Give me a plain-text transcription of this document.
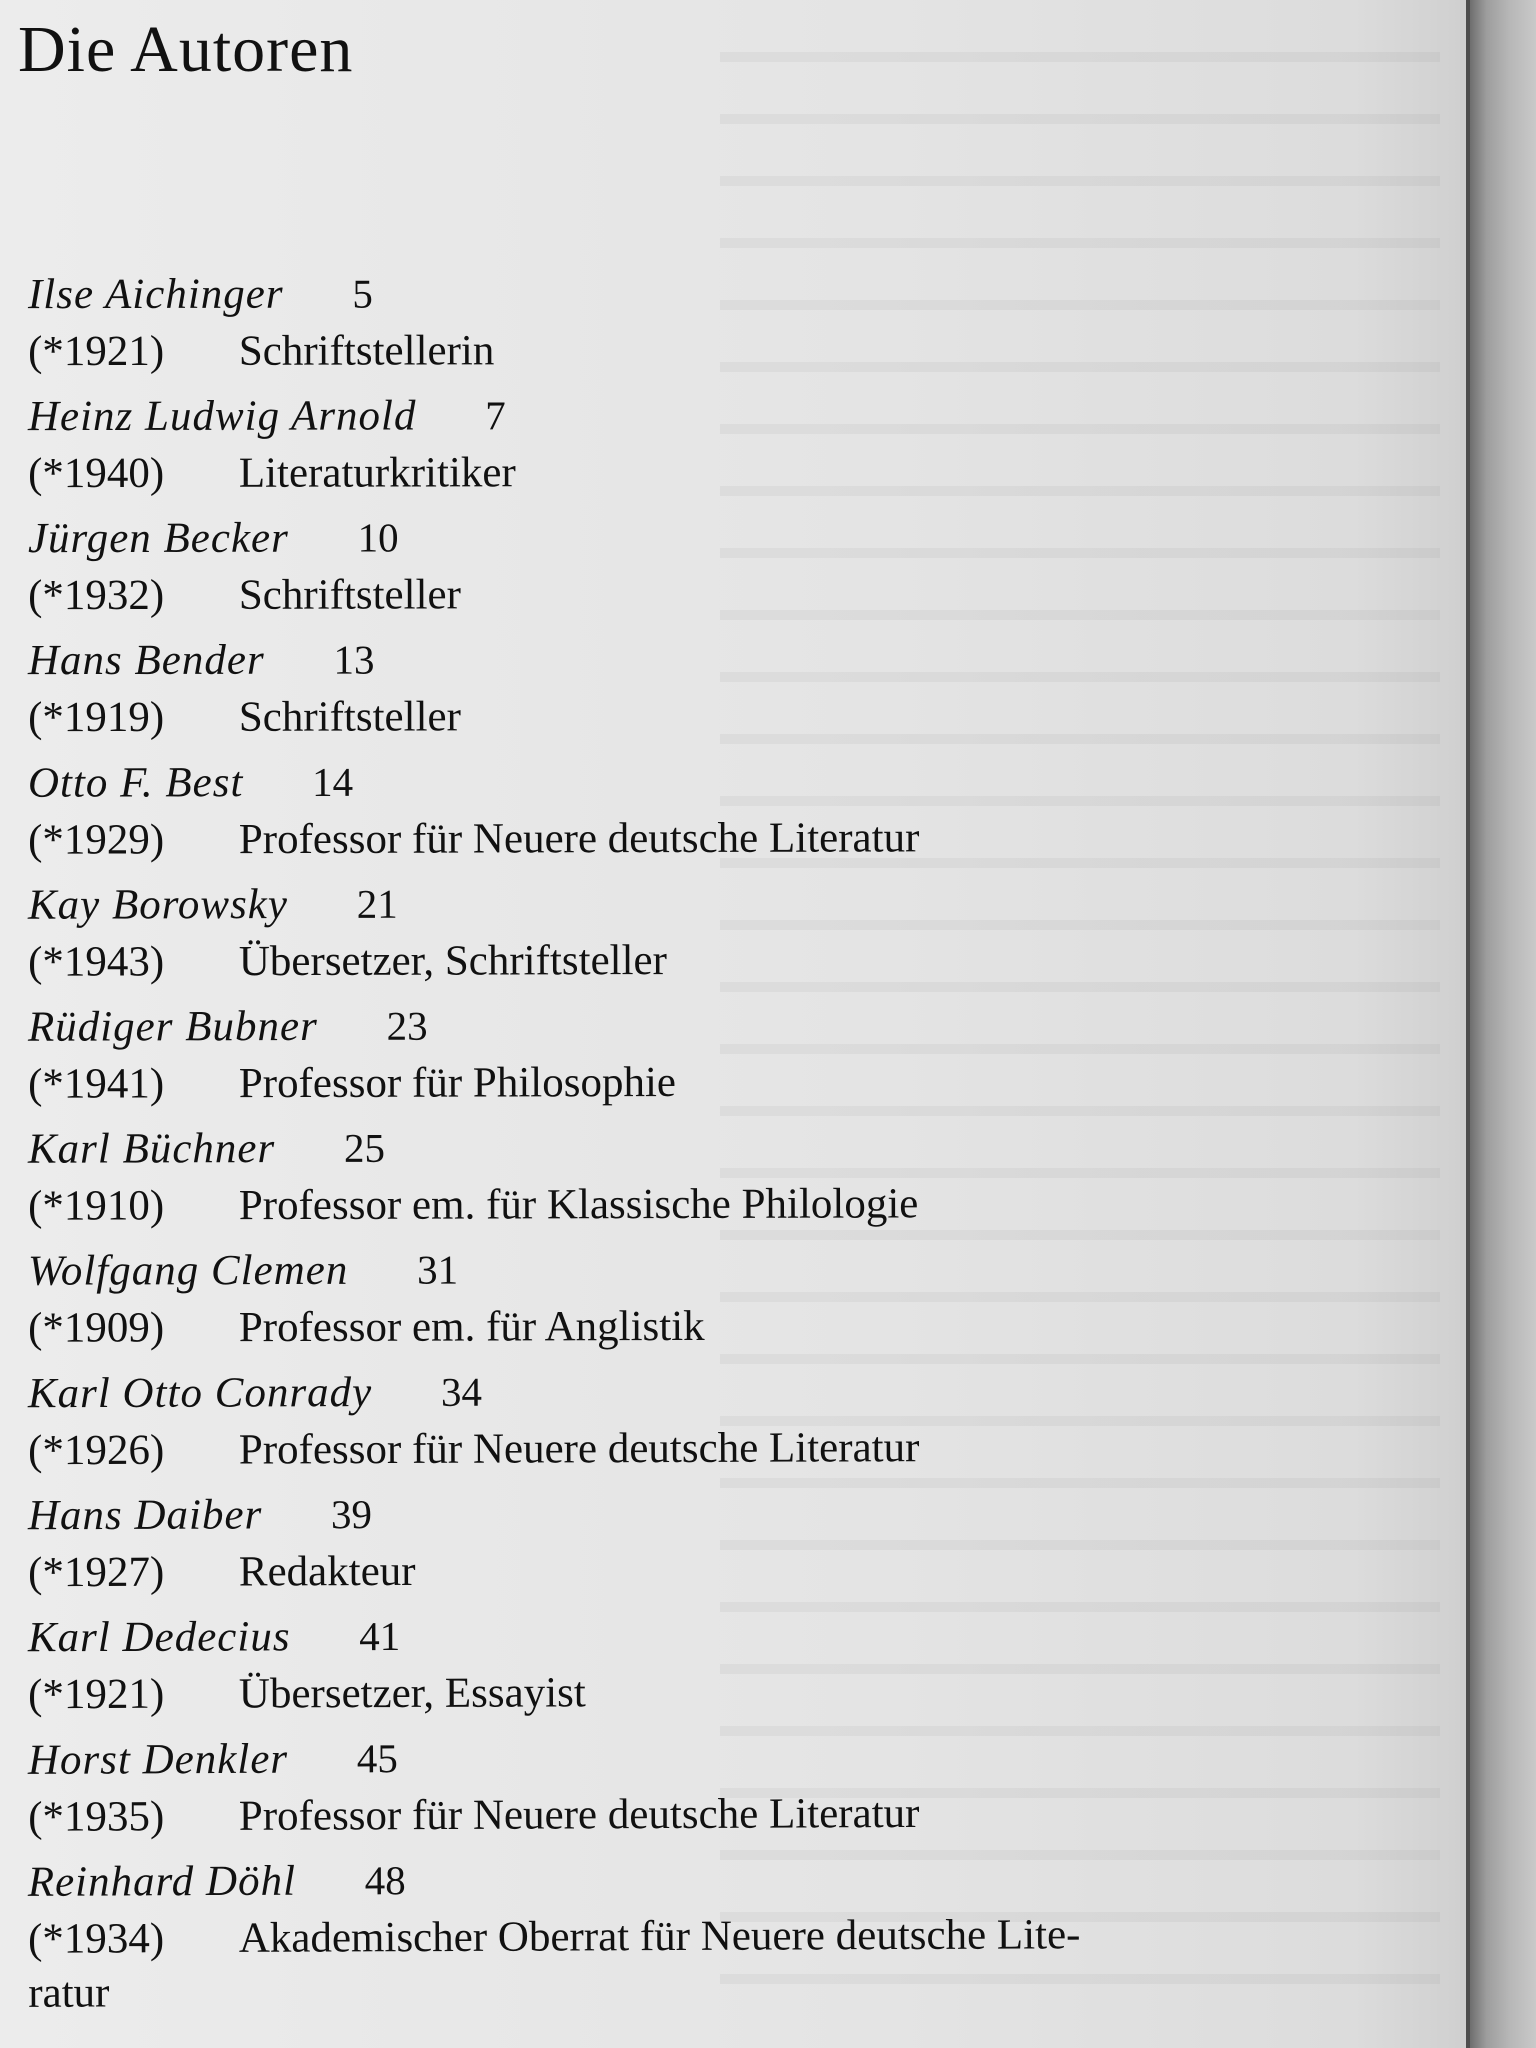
Die Autoren
Ilse Aichinger 5
(*1921) Schriftstellerin
Heinz Ludwig Arnold 7
(*1940) Literaturkritiker
Jürgen Becker 10
(*1932) Schriftsteller
Hans Bender 13
(*1919) Schriftsteller
Otto F. Best 14
(*1929) Professor für Neuere deutsche Literatur
Kay Borowsky 21
(*1943) Übersetzer, Schriftsteller
Rüdiger Bubner 23
(*1941) Professor für Philosophie
Karl Büchner 25
(*1910) Professor em. für Klassische Philologie
Wolfgang Clemen 31
(*1909) Professor em. für Anglistik
Karl Otto Conrady 34
(*1926) Professor für Neuere deutsche Literatur
Hans Daiber 39
(*1927) Redakteur
Karl Dedecius 41
(*1921) Übersetzer, Essayist
Horst Denkler 45
(*1935) Professor für Neuere deutsche Literatur
Reinhard Döhl 48
(*1934) Akademischer Oberrat für Neuere deutsche Lite-
ratur
